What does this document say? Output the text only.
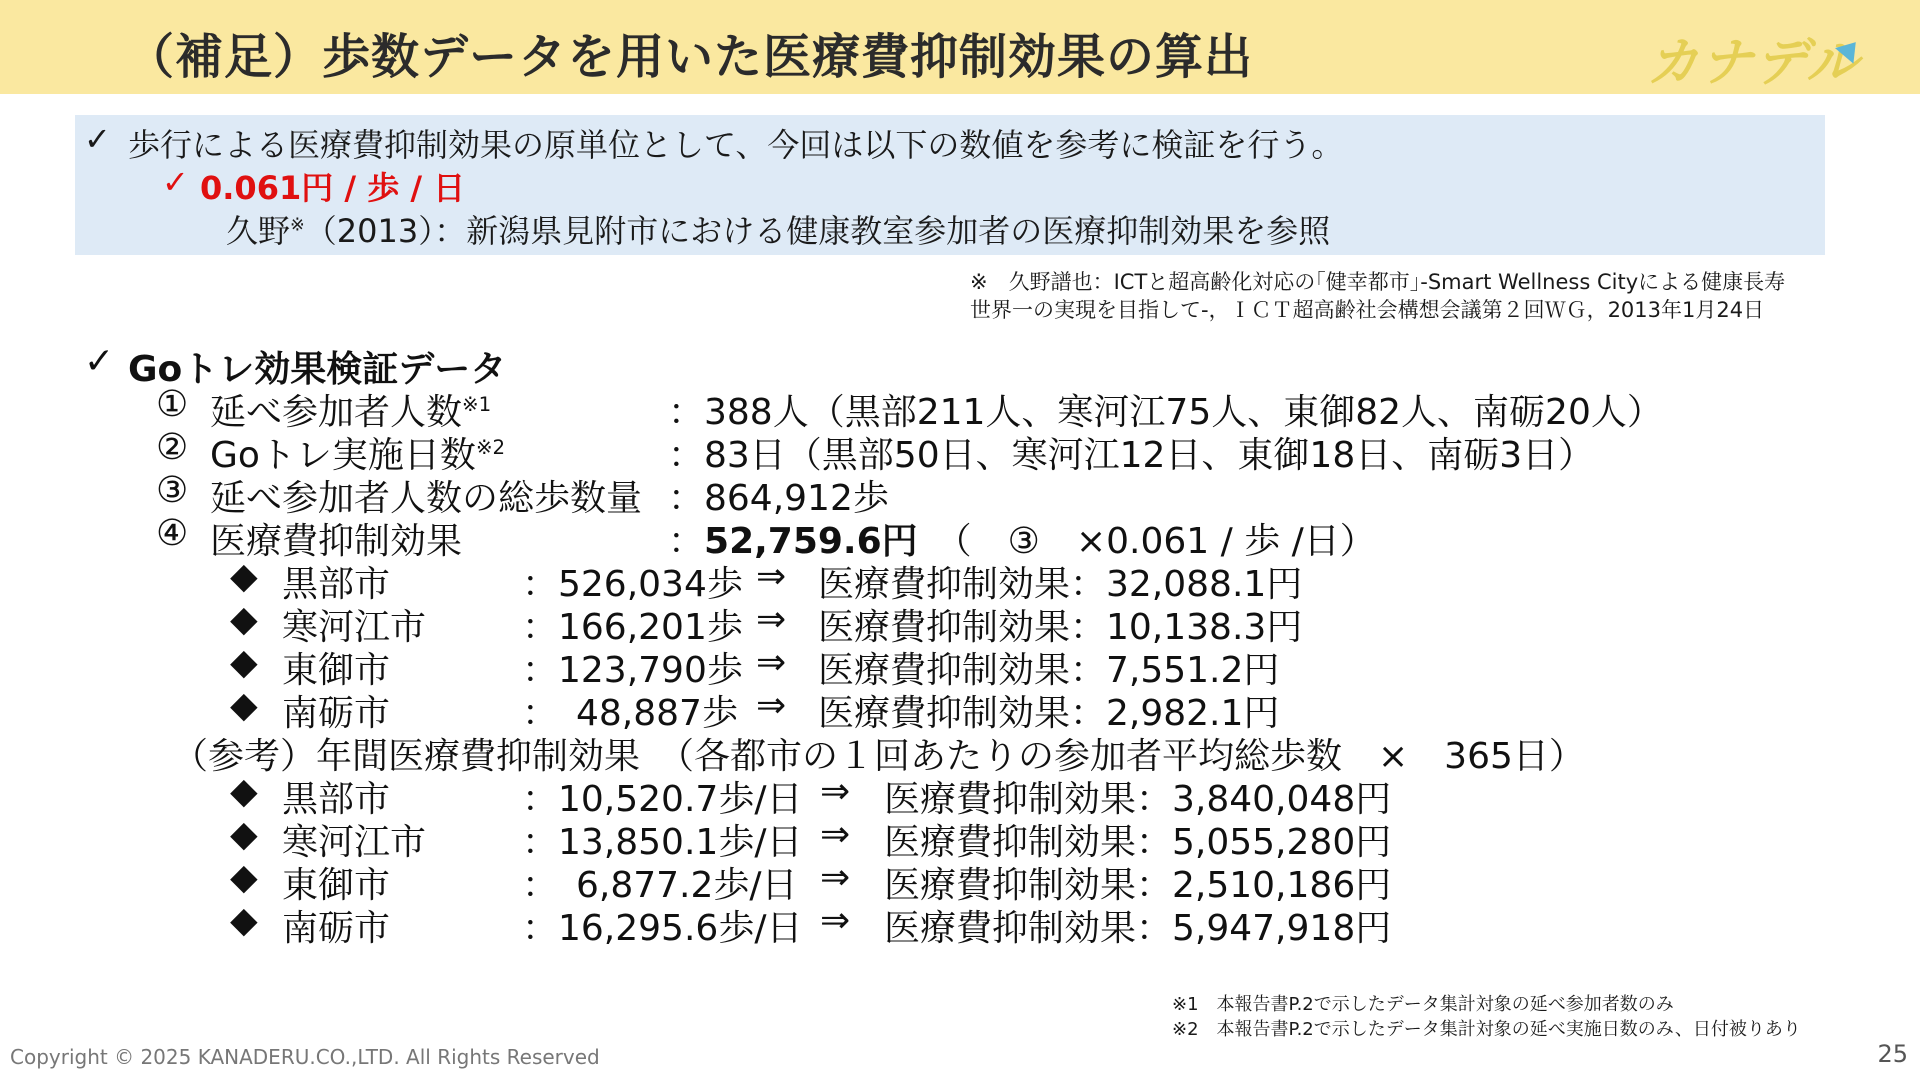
（補足）歩数データを用いた医療費抑制効果の算出	カナデル
✓ 歩行による医療費抑制効果の原単位として、今回は以下の数値を参考に検証を行う。
✓ 0.061円 / 歩 / 日
久野※（2013）：新潟県見附市における健康教室参加者の医療抑制効果を参照
※　久野譜也：ICTと超高齢化対応の｢健幸都市｣-Smart Wellness Cityによる健康長寿
世界一の実現を目指して-，ＩＣＴ超高齢社会構想会議第２回ＷＧ，2013年1月24日
✓ Goトレ効果検証データ
① 延べ参加者人数$^{※1}$	：388人（黒部211人、寒河江75人、東御82人、南砺20人）
② Goトレ実施日数$^{※2}$	：83日（黒部50日、寒河江12日、東御18日、南砺3日）
③ 延べ参加者人数の総歩数量 ：864,912歩
④ 医療費抑制効果	：52,759.6円　（　③　×0.061 / 歩 /日）
◆ 黒部市	：526,034歩 ⇒ 医療費抑制効果：32,088.1円
◆ 寒河江市	：166,201歩 ⇒ 医療費抑制効果：10,138.3円
◆ 東御市	：123,790歩 ⇒ 医療費抑制効果：7,551.2円
◆ 南砺市	：　48,887歩 ⇒ 医療費抑制効果：2,982.1円
（参考）年間医療費抑制効果　（各都市の１回あたりの参加者平均総歩数　×　365日）
◆ 黒部市	：10,520.7歩/日 ⇒ 医療費抑制効果：3,840,048円
◆ 寒河江市	：13,850.1歩/日 ⇒ 医療費抑制効果：5,055,280円
◆ 東御市	：　6,877.2歩/日 ⇒ 医療費抑制効果：2,510,186円
◆ 南砺市	：16,295.6歩/日 ⇒ 医療費抑制効果：5,947,918円
※1　本報告書P.2で示したデータ集計対象の延べ参加者数のみ
※2　本報告書P.2で示したデータ集計対象の延べ実施日数のみ、日付被りあり
Copyright © 2025 KANADERU.CO.,LTD. All Rights Reserved	25
